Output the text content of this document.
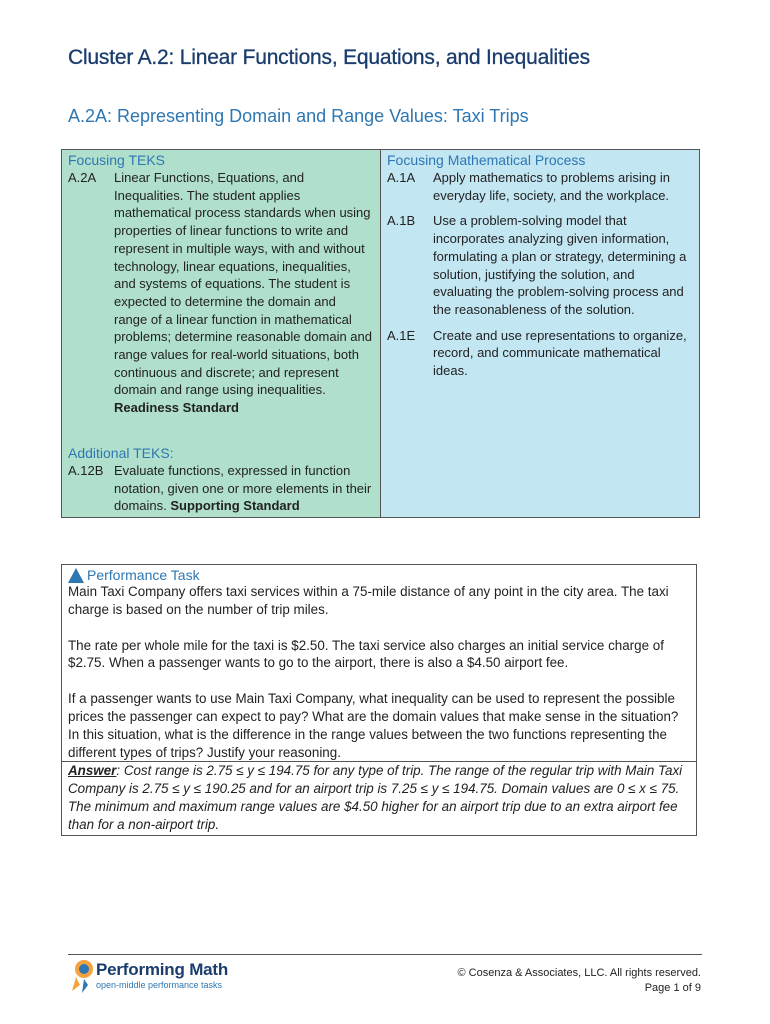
Cluster A.2: Linear Functions, Equations, and Inequalities
A.2A: Representing Domain and Range Values: Taxi Trips
Focusing TEKS
A.2A	Linear Functions, Equations, and Inequalities. The student applies mathematical process standards when using properties of linear functions to write and represent in multiple ways, with and without technology, linear equations, inequalities, and systems of equations. The student is expected to determine the domain and range of a linear function in mathematical problems; determine reasonable domain and range values for real-world situations, both continuous and discrete; and represent domain and range using inequalities.
Readiness Standard
Additional TEKS:
A.12B Evaluate functions, expressed in function notation, given one or more elements in their domains. Supporting Standard

Focusing Mathematical Process
A.1A	Apply mathematics to problems arising in everyday life, society, and the workplace.
A.1B	Use a problem-solving model that incorporates analyzing given information, formulating a plan or strategy, determining a solution, justifying the solution, and evaluating the problem-solving process and the reasonableness of the solution.
A.1E	Create and use representations to organize, record, and communicate mathematical ideas.
Performance Task
Main Taxi Company offers taxi services within a 75-mile distance of any point in the city area. The taxi charge is based on the number of trip miles.
The rate per whole mile for the taxi is $2.50. The taxi service also charges an initial service charge of $2.75. When a passenger wants to go to the airport, there is also a $4.50 airport fee.
If a passenger wants to use Main Taxi Company, what inequality can be used to represent the possible prices the passenger can expect to pay? What are the domain values that make sense in the situation? In this situation, what is the difference in the range values between the two functions representing the different types of trips? Justify your reasoning.
Answer: Cost range is 2.75 ≤ y ≤ 194.75 for any type of trip. The range of the regular trip with Main Taxi Company is 2.75 ≤ y ≤ 190.25 and for an airport trip is 7.25 ≤ y ≤ 194.75. Domain values are 0 ≤ x ≤ 75. The minimum and maximum range values are $4.50 higher for an airport trip due to an extra airport fee than for a non-airport trip.
Performing Math
open-middle performance tasks
© Cosenza & Associates, LLC. All rights reserved.
Page 1 of 9
